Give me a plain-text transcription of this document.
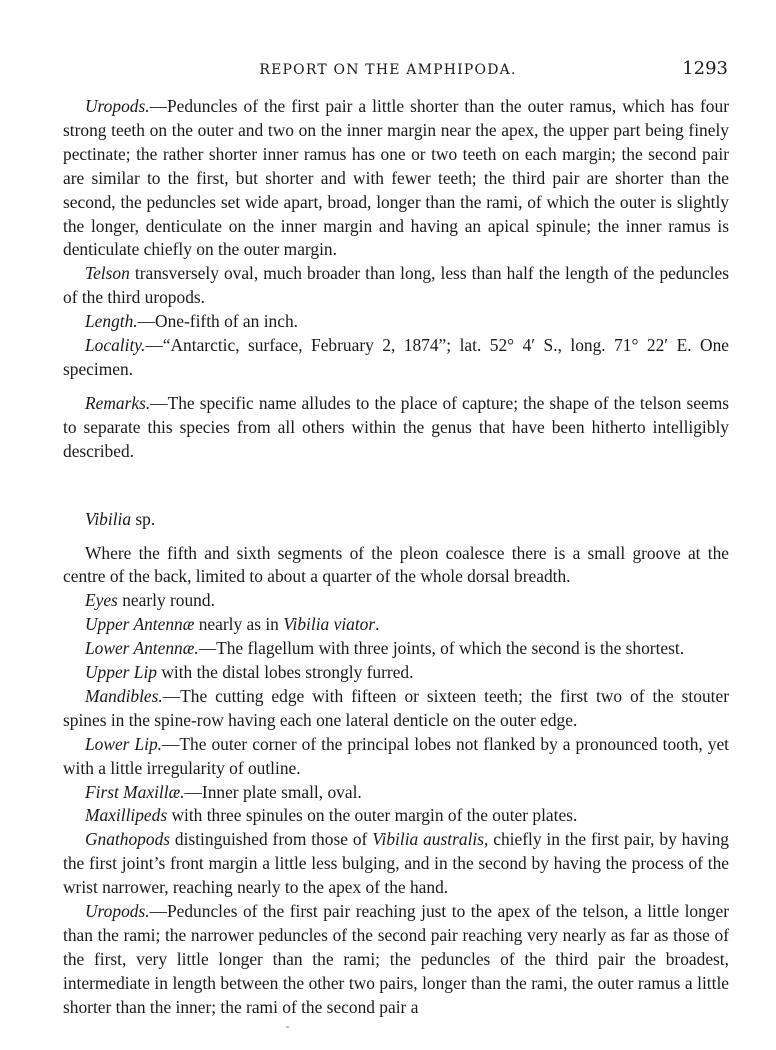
REPORT ON THE AMPHIPODA.	1293

Uropods.—Peduncles of the first pair a little shorter than the outer ramus, which has four strong teeth on the outer and two on the inner margin near the apex, the upper part being finely pectinate; the rather shorter inner ramus has one or two teeth on each margin; the second pair are similar to the first, but shorter and with fewer teeth; the third pair are shorter than the second, the peduncles set wide apart, broad, longer than the rami, of which the outer is slightly the longer, denticulate on the inner margin and having an apical spinule; the inner ramus is denticulate chiefly on the outer margin.

Telson transversely oval, much broader than long, less than half the length of the peduncles of the third uropods.

Length.—One-fifth of an inch.

Locality.—“Antarctic, surface, February 2, 1874”; lat. 52° 4′ S., long. 71° 22′ E. One specimen.

Remarks.—The specific name alludes to the place of capture; the shape of the telson seems to separate this species from all others within the genus that have been hitherto intelligibly described.

Vibilia sp.

Where the fifth and sixth segments of the pleon coalesce there is a small groove at the centre of the back, limited to about a quarter of the whole dorsal breadth.

Eyes nearly round.

Upper Antennæ nearly as in Vibilia viator.

Lower Antennæ.—The flagellum with three joints, of which the second is the shortest.

Upper Lip with the distal lobes strongly furred.

Mandibles.—The cutting edge with fifteen or sixteen teeth; the first two of the stouter spines in the spine-row having each one lateral denticle on the outer edge.

Lower Lip.—The outer corner of the principal lobes not flanked by a pronounced tooth, yet with a little irregularity of outline.

First Maxillæ.—Inner plate small, oval.

Maxillipeds with three spinules on the outer margin of the outer plates.

Gnathopods distinguished from those of Vibilia australis, chiefly in the first pair, by having the first joint’s front margin a little less bulging, and in the second by having the process of the wrist narrower, reaching nearly to the apex of the hand.

Uropods.—Peduncles of the first pair reaching just to the apex of the telson, a little longer than the rami; the narrower peduncles of the second pair reaching very nearly as far as those of the first, very little longer than the rami; the peduncles of the third pair the broadest, intermediate in length between the other two pairs, longer than the rami, the outer ramus a little shorter than the inner; the rami of the second pair a
